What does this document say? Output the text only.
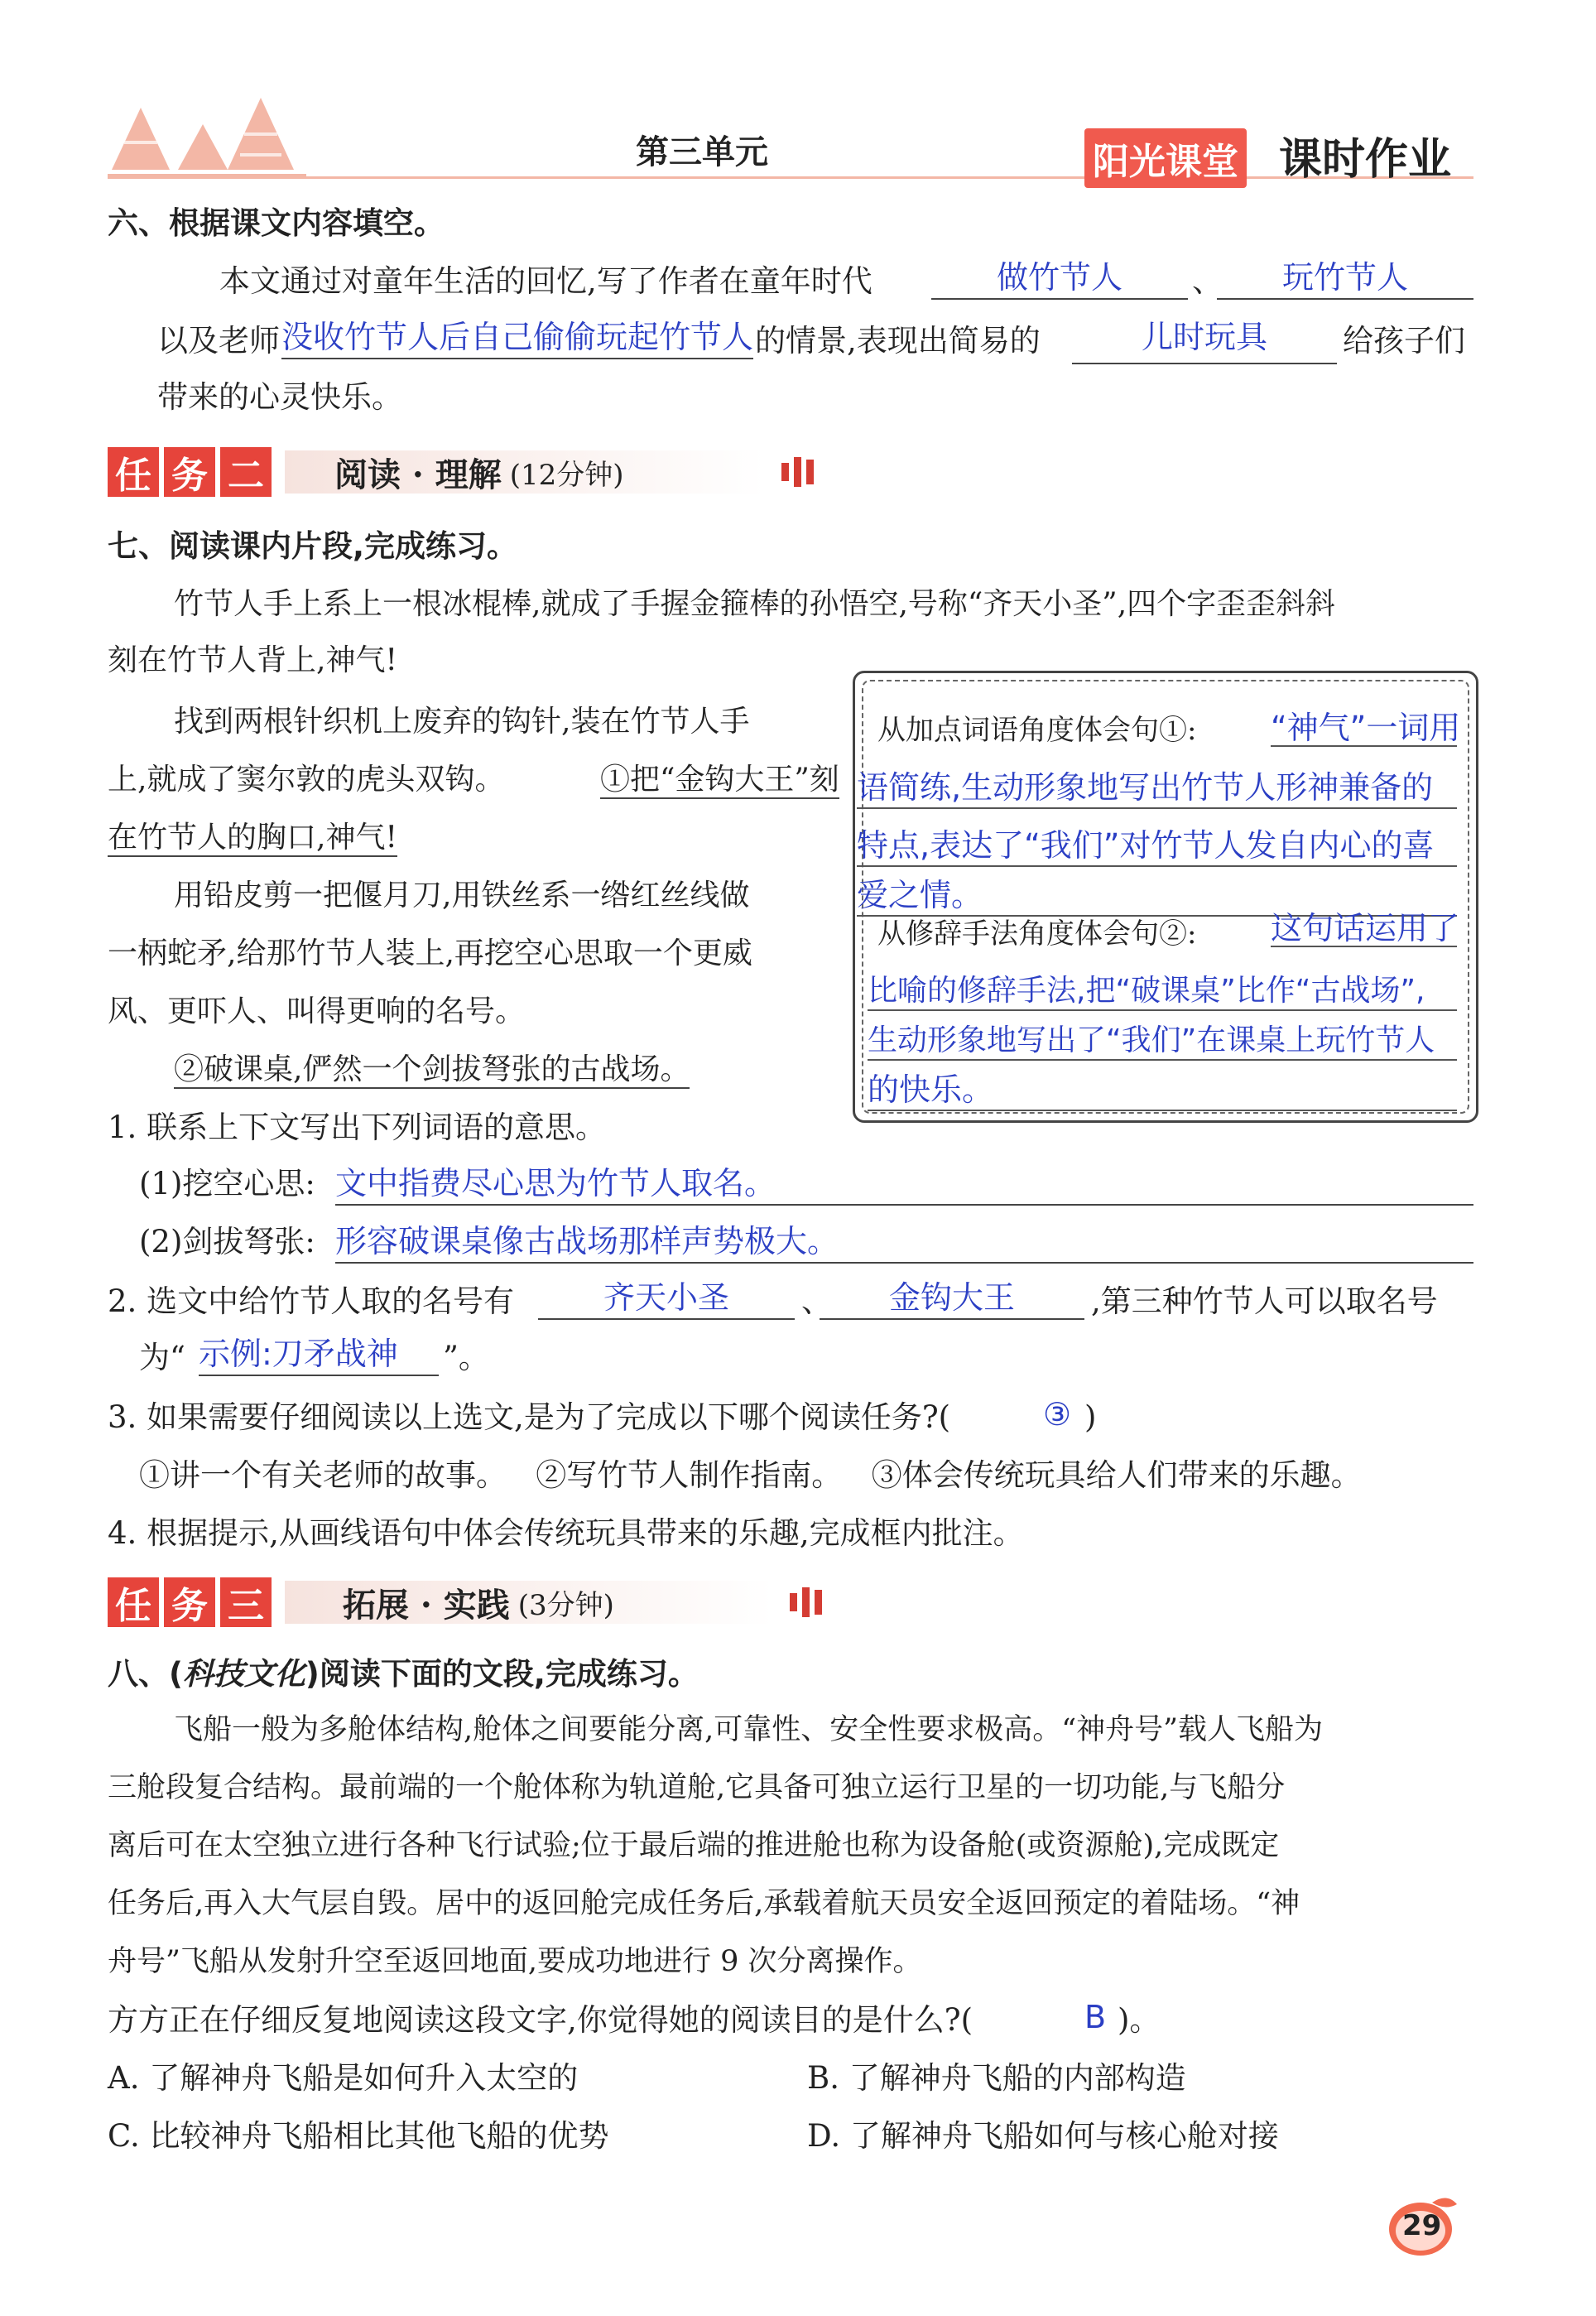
第三单元	阳光课堂 课时作业
六、根据课文内容填空。
本文通过对童年生活的回忆,写了作者在童年时代	做竹节人	、	玩竹节人
以及老师 没收竹节人后自己偷偷玩起竹节人 的情景,表现出简易的	儿时玩具	给孩子们
带来的心灵快乐。
任 务 二 阅读 · 理解 (12分钟)
七、阅读课内片段,完成练习。
竹节人手上系上一根冰棍棒,就成了手握金箍棒的孙悟空,号称“齐天小圣”,四个字歪歪斜斜
刻在竹节人背上,神气!
找到两根针织机上废弃的钩针,装在竹节人手
上,就成了窦尔敦的虎头双钩。	①把“金钩大王”刻
在竹节人的胸口,神气!
用铅皮剪一把偃月刀,用铁丝系一绺红丝线做
一柄蛇矛,给那竹节人装上,再挖空心思取一个更威
风、更吓人、叫得更响的名号。
②破课桌,俨然一个剑拔弩张的古战场。
从加点词语角度体会句①: “神气”一词用
语简练,生动形象地写出竹节人形神兼备的
特点,表达了“我们”对竹节人发自内心的喜
爱之情。
从修辞手法角度体会句②: 这句话运用了
比喻的修辞手法,把“破课桌”比作“古战场”,
生动形象地写出了“我们”在课桌上玩竹节人
的快乐。
1. 联系上下文写出下列词语的意思。
(1)挖空心思: 文中指费尽心思为竹节人取名。
(2)剑拔弩张: 形容破课桌像古战场那样声势极大。
2. 选文中给竹节人取的名号有	齐天小圣	、	金钩大王	,第三种竹节人可以取名号
为“ 示例:刀矛战神	”。
3. 如果需要仔细阅读以上选文,是为了完成以下哪个阅读任务?(	③ )
①讲一个有关老师的故事。   ②写竹节人制作指南。   ③体会传统玩具给人们带来的乐趣。
4. 根据提示,从画线语句中体会传统玩具带来的乐趣,完成框内批注。
任 务 三 拓展 · 实践 (3分钟)
八、(科技文化)阅读下面的文段,完成练习。
飞船一般为多舱体结构,舱体之间要能分离,可靠性、安全性要求极高。“神舟号”载人飞船为
三舱段复合结构。最前端的一个舱体称为轨道舱,它具备可独立运行卫星的一切功能,与飞船分
离后可在太空独立进行各种飞行试验;位于最后端的推进舱也称为设备舱(或资源舱),完成既定
任务后,再入大气层自毁。居中的返回舱完成任务后,承载着航天员安全返回预定的着陆场。“神
舟号”飞船从发射升空至返回地面,要成功地进行 9 次分离操作。
方方正在仔细反复地阅读这段文字,你觉得她的阅读目的是什么?(	B )。
A. 了解神舟飞船是如何升入太空的	B. 了解神舟飞船的内部构造
C. 比较神舟飞船相比其他飞船的优势	D. 了解神舟飞船如何与核心舱对接
29
